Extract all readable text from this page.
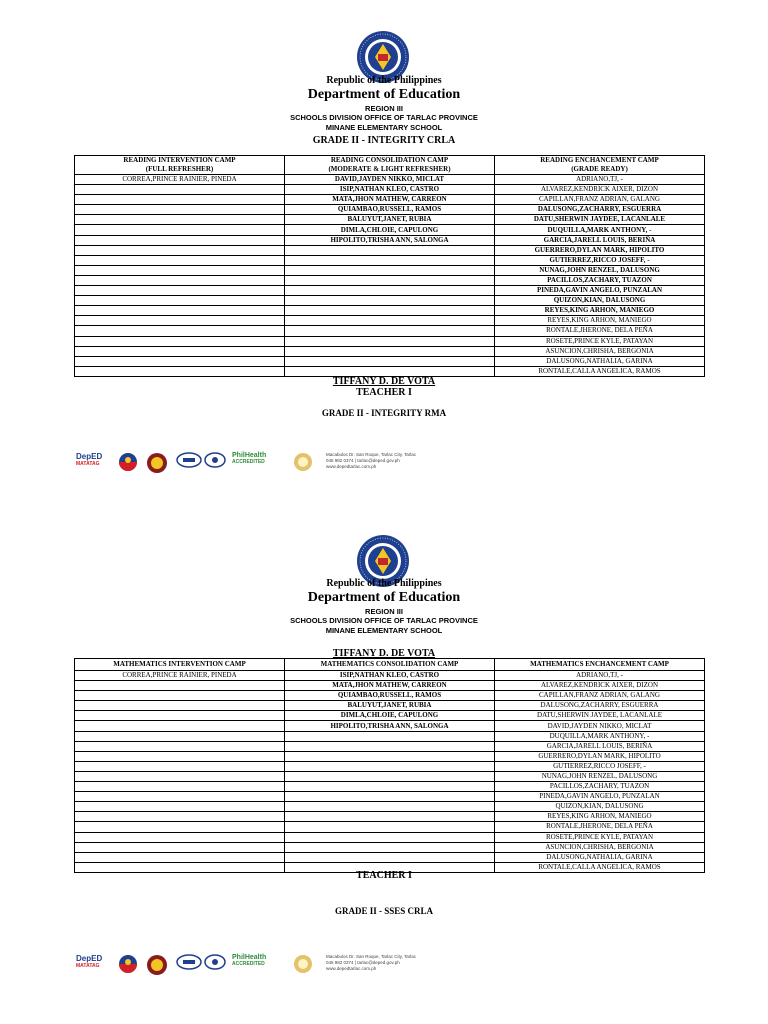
Republic of the Philippines
Department of Education
REGION III
SCHOOLS DIVISION OFFICE OF TARLAC PROVINCE
MINANE ELEMENTARY SCHOOL
GRADE II - INTEGRITY CRLA
READING INTERVENTION CAMP	READING CONSOLIDATION CAMP	READING ENCHANCEMENT CAMP
(FULL REFRESHER)	(MODERATE & LIGHT REFRESHER)	(GRADE READY)
CORREA,PRINCE RAINIER, PINEDA	DAVID,JAYDEN NIKKO, MICLAT	ADRIANO,TJ, -
	ISIP,NATHAN KLEO, CASTRO	ALVAREZ,KENDRICK AIXER, DIZON
	MATA,JHON MATHEW, CARREON	CAPILLAN,FRANZ ADRIAN, GALANG
	QUIAMBAO,RUSSELL, RAMOS	DALUSONG,ZACHARRY, ESGUERRA
	BALUYUT,JANET, RUBIA	DATU,SHERWIN JAYDEE, LACANLALE
	DIMLA,CHLOIE, CAPULONG	DUQUILLA,MARK ANTHONY, -
	HIPOLITO,TRISHA ANN, SALONGA	GARCIA,JARELL LOUIS, BERIÑA
		GUERRERO,DYLAN MARK, HIPOLITO
		GUTIERREZ,RICCO JOSEFF, -
		NUNAG,JOHN RENZEL, DALUSONG
		PACILLOS,ZACHARY, TUAZON
		PINEDA,GAVIN ANGELO, PUNZALAN
		QUIZON,KIAN, DALUSONG
		REYES,KING ARHON, MANIEGO
		REYES,KING ARHON, MANIEGO
		RONTALE,JHERONE, DELA PEÑA
		ROSETE,PRINCE KYLE, PATAYAN
		ASUNCION,CHRISHA, BERGONIA
		DALUSONG,NATHALIA, GARINA
		RONTALE,CALLA ANGELICA, RAMOS
TIFFANY D. DE VOTA
TEACHER I
GRADE II - INTEGRITY RMA
DepED
MATATAG
PhilHealth
ACCREDITED
Macabulos Dr. San Roque, Tarlac City, Tarlac
045 982 0374 | tarlac@deped.gov.ph
www.depedtarlac.com.ph
Republic of the Philippines
Department of Education
REGION III
SCHOOLS DIVISION OFFICE OF TARLAC PROVINCE
MINANE ELEMENTARY SCHOOL
TIFFANY D. DE VOTA
MATHEMATICS INTERVENTION CAMP	MATHEMATICS CONSOLIDATION CAMP	MATHEMATICS ENCHANCEMENT CAMP
CORREA,PRINCE RAINIER, PINEDA	ISIP,NATHAN KLEO, CASTRO	ADRIANO,TJ, -
	MATA,JHON MATHEW, CARREON	ALVAREZ,KENDRICK AIXER, DIZON
	QUIAMBAO,RUSSELL, RAMOS	CAPILLAN,FRANZ ADRIAN, GALANG
	BALUYUT,JANET, RUBIA	DALUSONG,ZACHARRY, ESGUERRA
	DIMLA,CHLOIE, CAPULONG	DATU,SHERWIN JAYDEE, LACANLALE
	HIPOLITO,TRISHA ANN, SALONGA	DAVID,JAYDEN NIKKO, MICLAT
		DUQUILLA,MARK ANTHONY, -
		GARCIA,JARELL LOUIS, BERIÑA
		GUERRERO,DYLAN MARK, HIPOLITO
		GUTIERREZ,RICCO JOSEFF, -
		NUNAG,JOHN RENZEL, DALUSONG
		PACILLOS,ZACHARY, TUAZON
		PINEDA,GAVIN ANGELO, PUNZALAN
		QUIZON,KIAN, DALUSONG
		REYES,KING ARHON, MANIEGO
		RONTALE,JHERONE, DELA PEÑA
		ROSETE,PRINCE KYLE, PATAYAN
		ASUNCION,CHRISHA, BERGONIA
		DALUSONG,NATHALIA, GARINA
		RONTALE,CALLA ANGELICA, RAMOS
TEACHER I
GRADE II - SSES CRLA
DepED
MATATAG
PhilHealth
ACCREDITED
Macabulos Dr. San Roque, Tarlac City, Tarlac
045 982 0374 | tarlac@deped.gov.ph
www.depedtarlac.com.ph
